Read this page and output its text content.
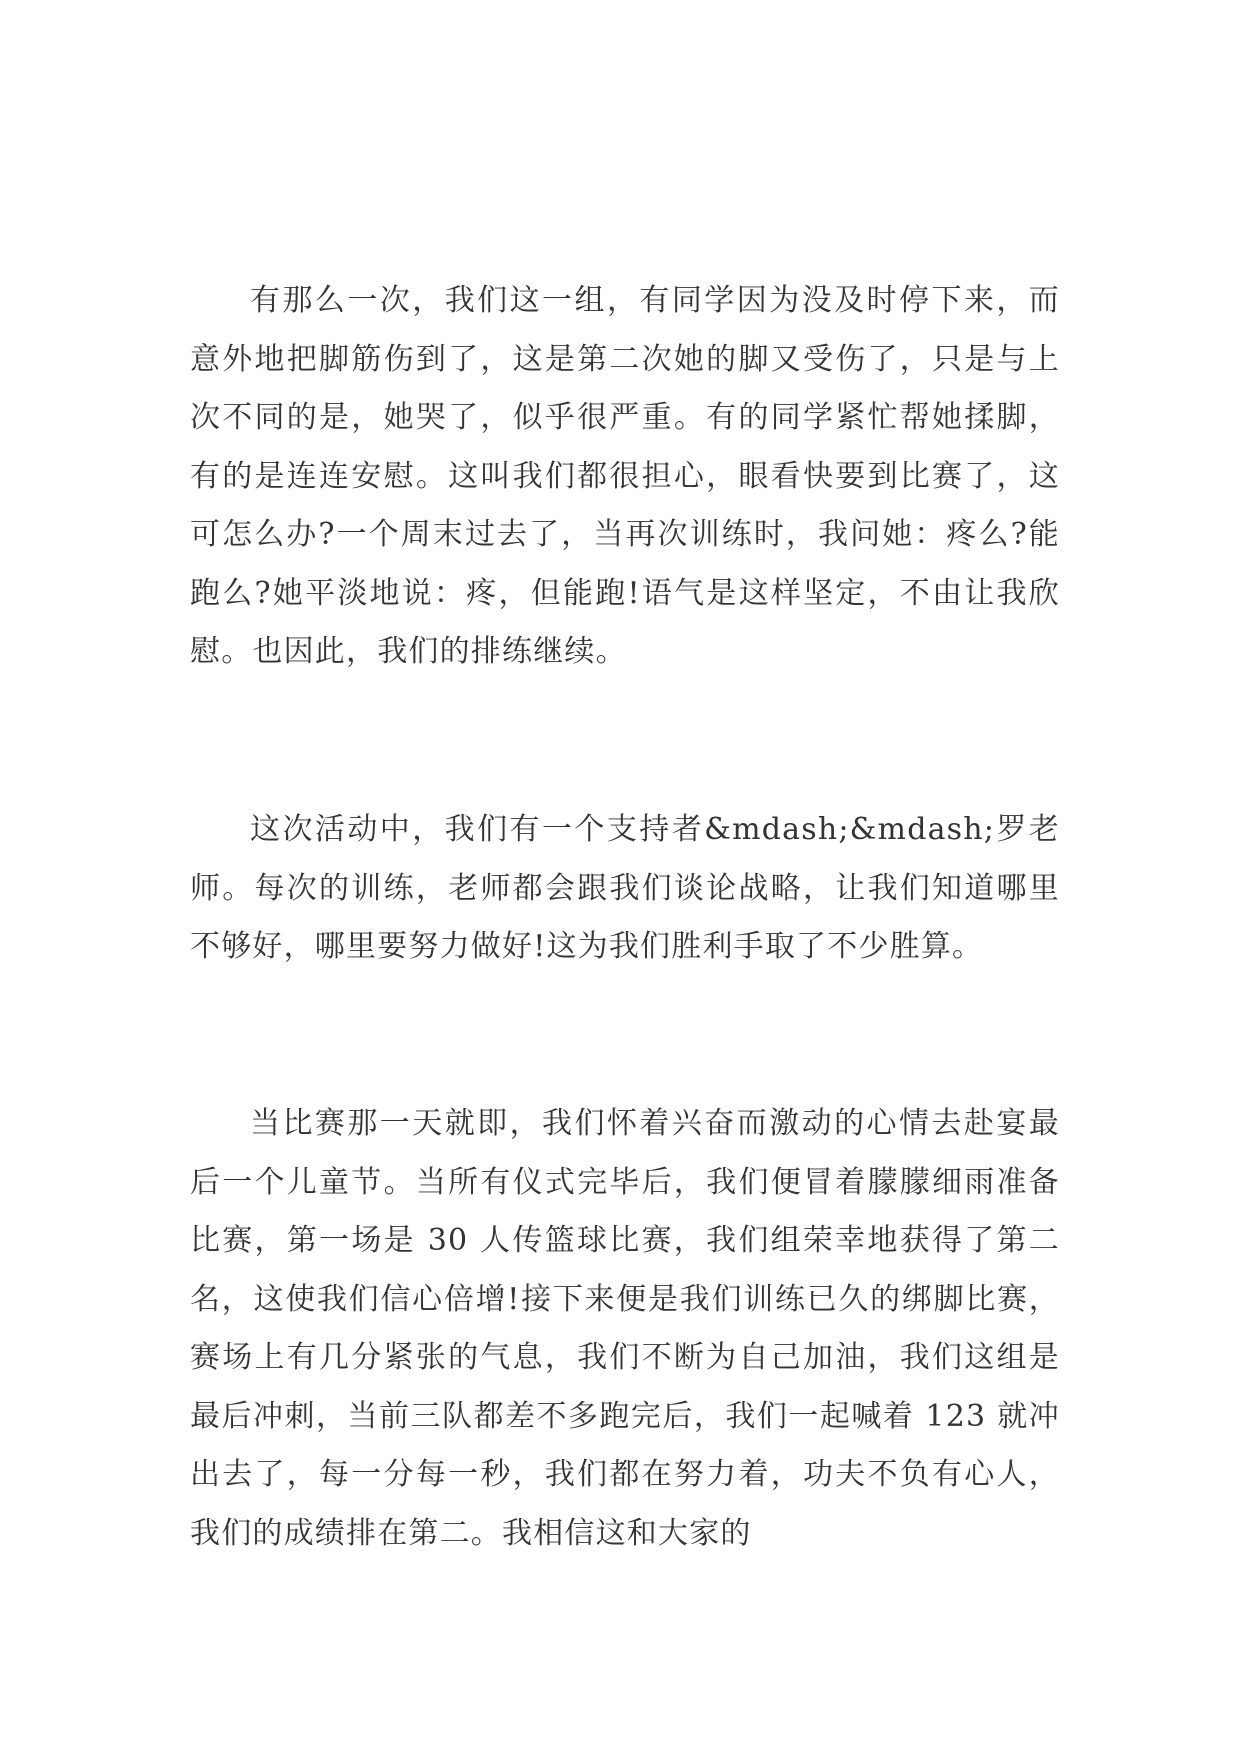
有那么一次，我们这一组，有同学因为没及时停下来，而意外地把脚筋伤到了，这是第二次她的脚又受伤了，只是与上次不同的是，她哭了，似乎很严重。有的同学紧忙帮她揉脚，有的是连连安慰。这叫我们都很担心，眼看快要到比赛了，这可怎么办?一个周末过去了，当再次训练时，我问她：疼么?能跑么?她平淡地说：疼，但能跑!语气是这样坚定，不由让我欣慰。也因此，我们的排练继续。

这次活动中，我们有一个支持者&mdash;&mdash;罗老师。每次的训练，老师都会跟我们谈论战略，让我们知道哪里不够好，哪里要努力做好!这为我们胜利手取了不少胜算。

当比赛那一天就即，我们怀着兴奋而激动的心情去赴宴最后一个儿童节。当所有仪式完毕后，我们便冒着朦朦细雨准备比赛，第一场是 30 人传篮球比赛，我们组荣幸地获得了第二名，这使我们信心倍增!接下来便是我们训练已久的绑脚比赛，赛场上有几分紧张的气息，我们不断为自己加油，我们这组是最后冲刺，当前三队都差不多跑完后，我们一起喊着 123 就冲出去了，每一分每一秒，我们都在努力着，功夫不负有心人，我们的成绩排在第二。我相信这和大家的
